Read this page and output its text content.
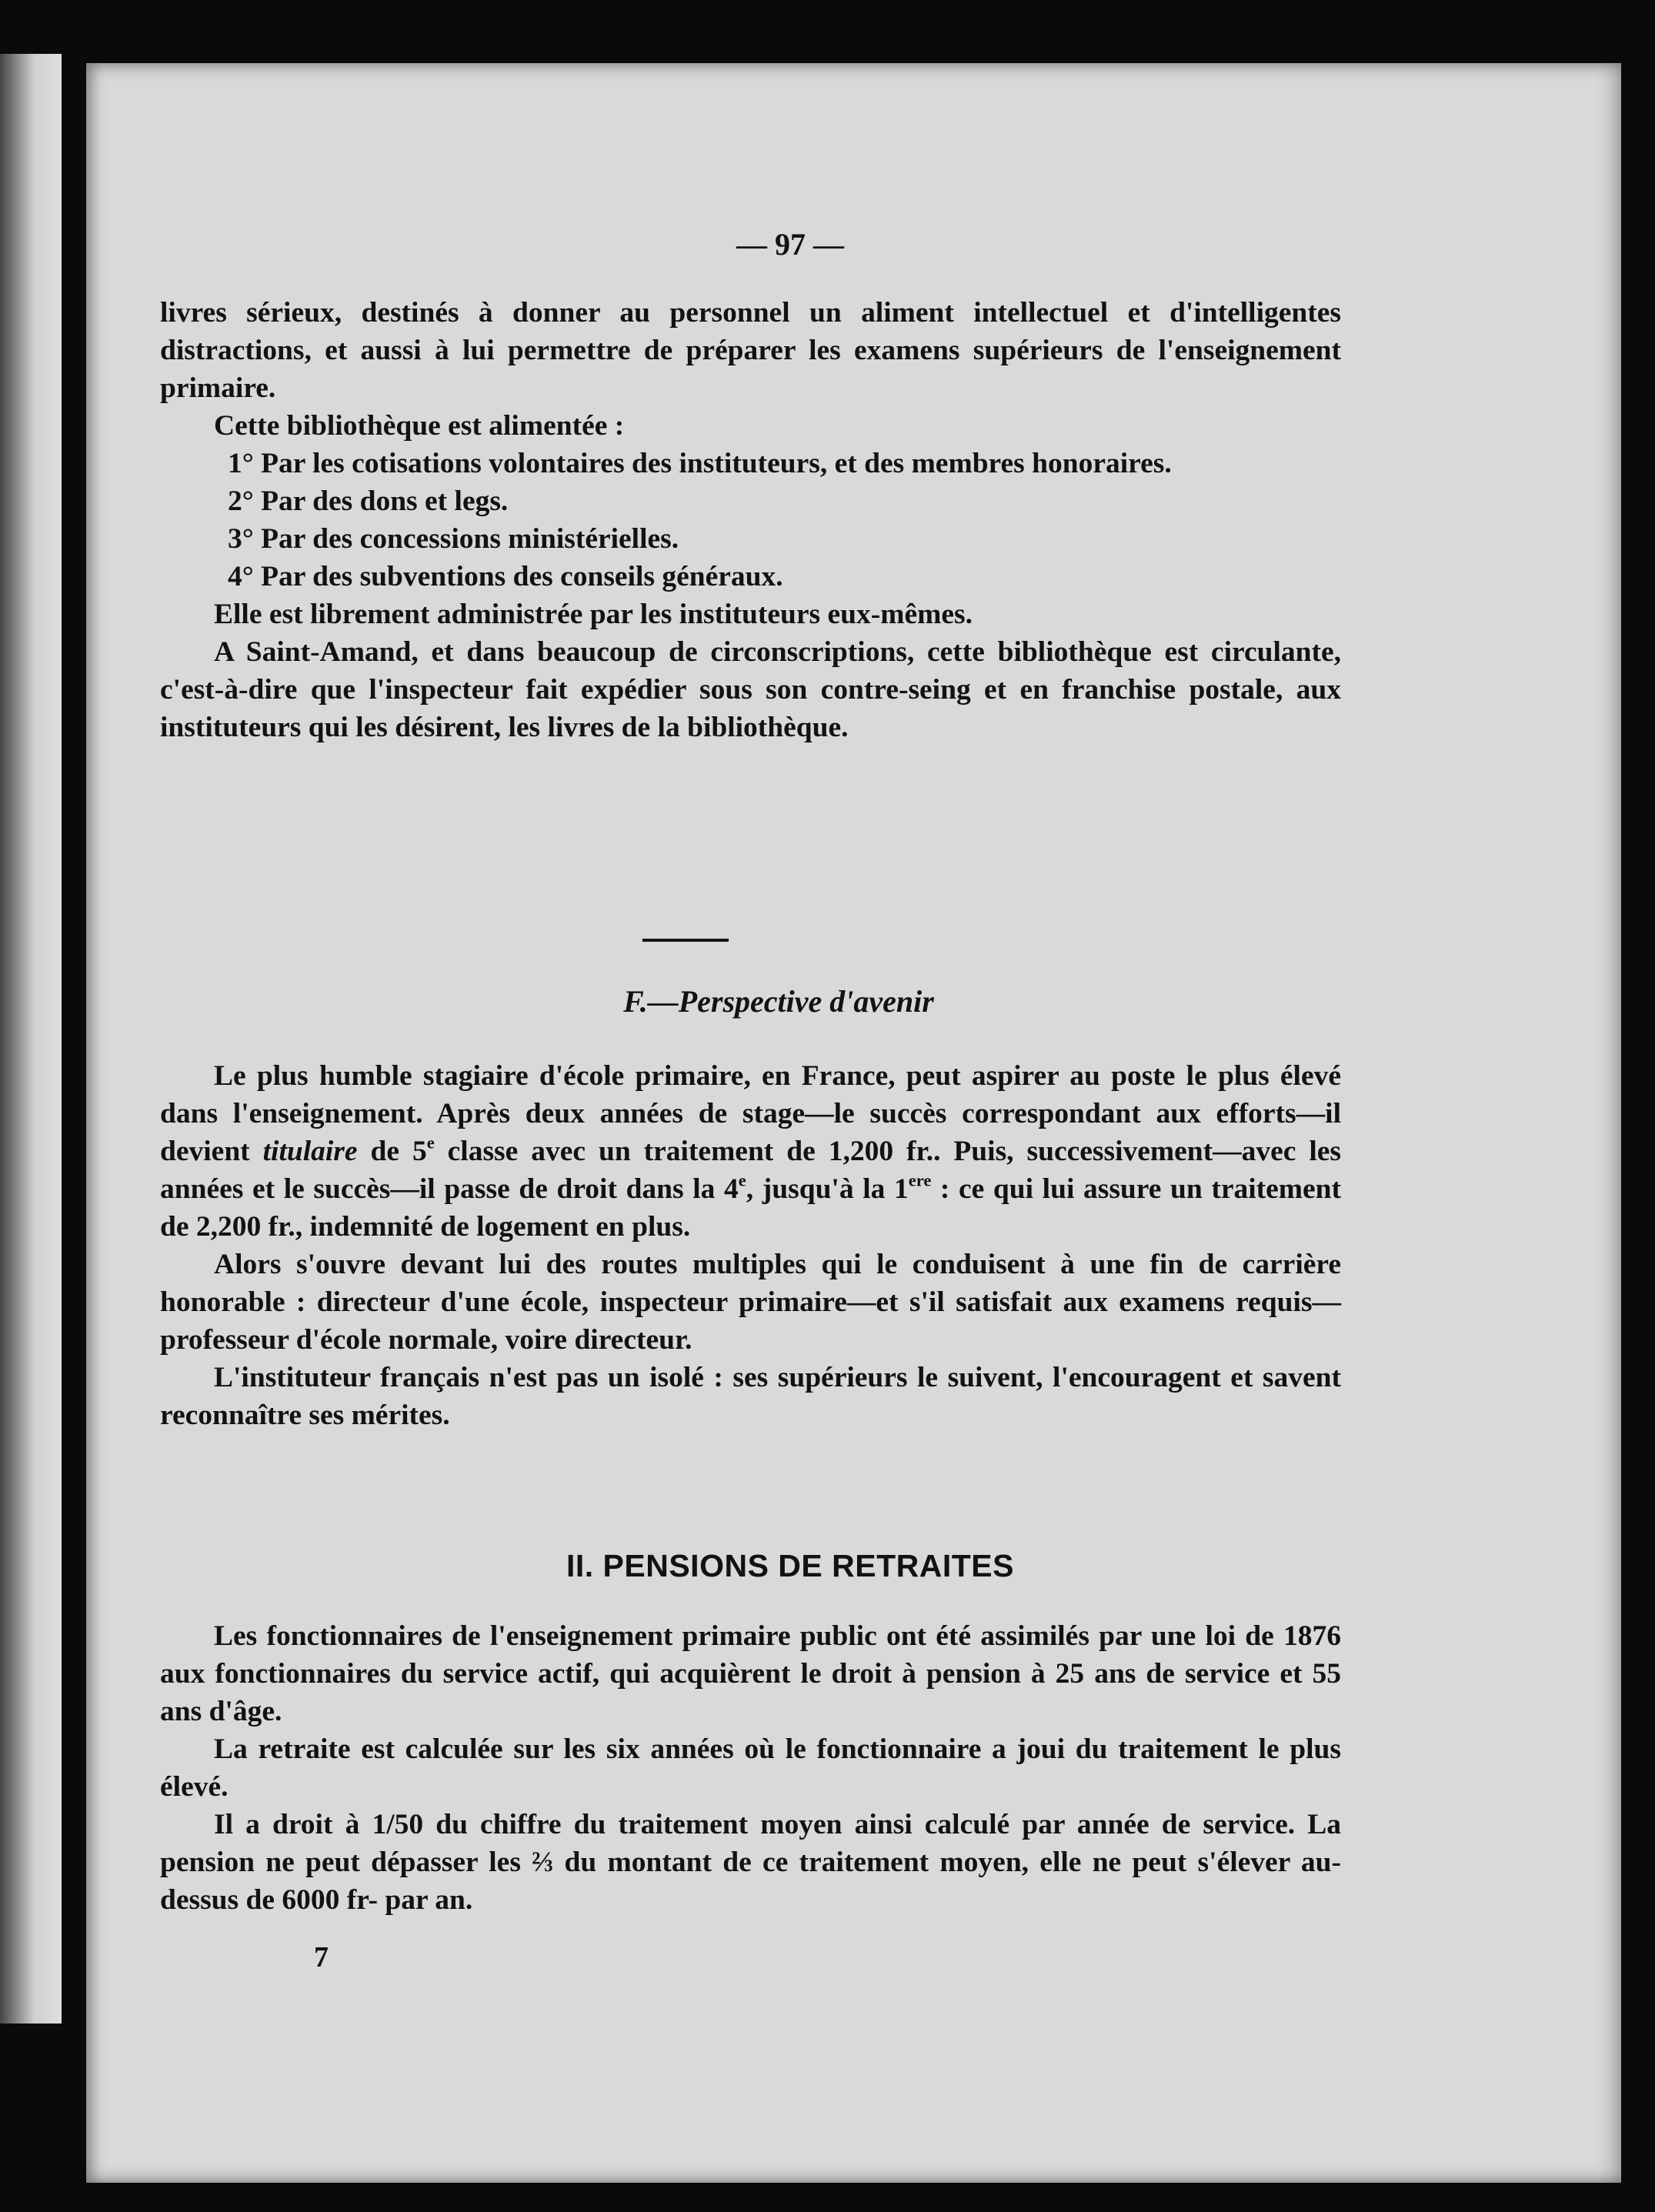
— 97 —

livres sérieux, destinés à donner au personnel un aliment intellectuel et d'intelligentes distractions, et aussi à lui permettre de préparer les examens supérieurs de l'enseignement primaire.

Cette bibliothèque est alimentée :

1° Par les cotisations volontaires des instituteurs, et des membres honoraires.

2° Par des dons et legs.

3° Par des concessions ministérielles.

4° Par des subventions des conseils généraux.

Elle est librement administrée par les instituteurs eux-mêmes.

A Saint-Amand, et dans beaucoup de circonscriptions, cette bibliothèque est circulante, c'est-à-dire que l'inspecteur fait expédier sous son contre-seing et en franchise postale, aux instituteurs qui les désirent, les livres de la bibliothèque.

F.—Perspective d'avenir

Le plus humble stagiaire d'école primaire, en France, peut aspirer au poste le plus élevé dans l'enseignement. Après deux années de stage—le succès correspondant aux efforts—il devient titulaire de 5e classe avec un traitement de 1,200 fr.. Puis, successivement—avec les années et le succès—il passe de droit dans la 4e, jusqu'à la 1ere : ce qui lui assure un traitement de 2,200 fr., indemnité de logement en plus.

Alors s'ouvre devant lui des routes multiples qui le conduisent à une fin de carrière honorable : directeur d'une école, inspecteur primaire—et s'il satisfait aux examens requis—professeur d'école normale, voire directeur.

L'instituteur français n'est pas un isolé : ses supérieurs le suivent, l'encouragent et savent reconnaître ses mérites.

II. PENSIONS DE RETRAITES

Les fonctionnaires de l'enseignement primaire public ont été assimilés par une loi de 1876 aux fonctionnaires du service actif, qui acquièrent le droit à pension à 25 ans de service et 55 ans d'âge.

La retraite est calculée sur les six années où le fonctionnaire a joui du traitement le plus élevé.

Il a droit à 1/50 du chiffre du traitement moyen ainsi calculé par année de service. La pension ne peut dépasser les ⅔ du montant de ce traitement moyen, elle ne peut s'élever au-dessus de 6000 fr- par an.

7
